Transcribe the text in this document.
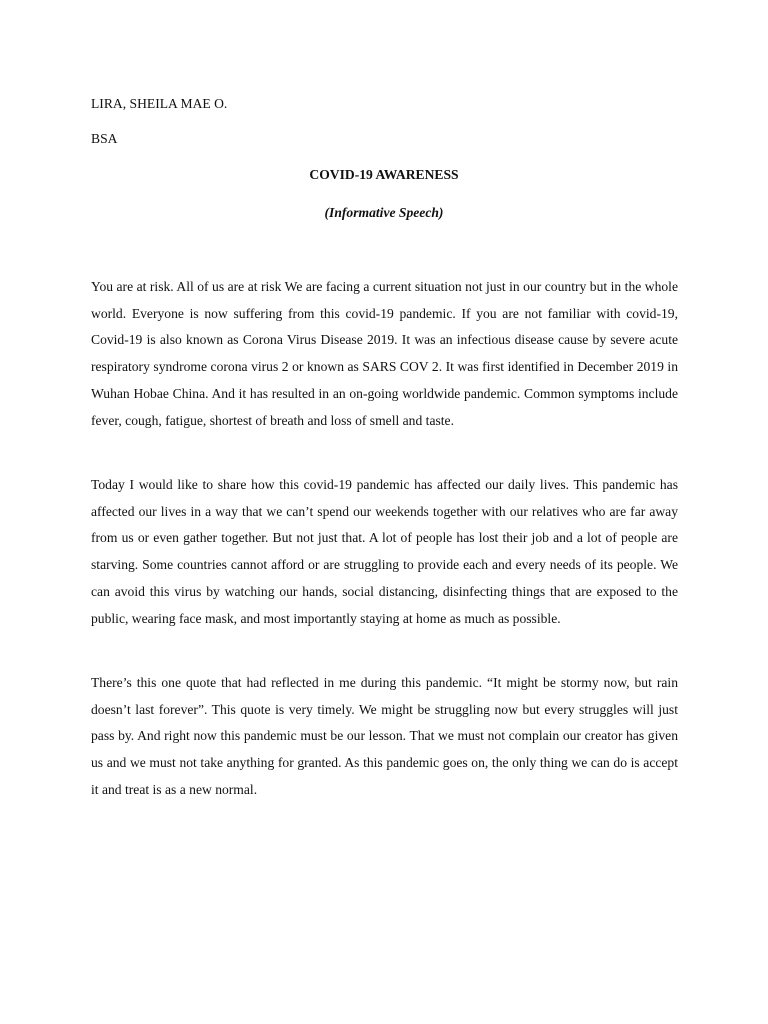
LIRA, SHEILA MAE O.

BSA

COVID-19 AWARENESS

(Informative Speech)

You are at risk. All of us are at risk We are facing a current situation not just in our country but in the whole world. Everyone is now suffering from this covid-19 pandemic. If you are not familiar with covid-19, Covid-19 is also known as Corona Virus Disease 2019. It was an infectious disease cause by severe acute respiratory syndrome corona virus 2 or known as SARS COV 2. It was first identified in December 2019 in Wuhan Hobae China. And it has resulted in an on-going worldwide pandemic. Common symptoms include fever, cough, fatigue, shortest of breath and loss of smell and taste.

Today I would like to share how this covid-19 pandemic has affected our daily lives. This pandemic has affected our lives in a way that we can’t spend our weekends together with our relatives who are far away from us or even gather together. But not just that. A lot of people has lost their job and a lot of people are starving. Some countries cannot afford or are struggling to provide each and every needs of its people. We can avoid this virus by watching our hands, social distancing, disinfecting things that are exposed to the public, wearing face mask, and most importantly staying at home as much as possible.

There’s this one quote that had reflected in me during this pandemic. “It might be stormy now, but rain doesn’t last forever”. This quote is very timely. We might be struggling now but every struggles will just pass by. And right now this pandemic must be our lesson. That we must not complain our creator has given us and we must not take anything for granted. As this pandemic goes on, the only thing we can do is accept it and treat is as a new normal.
